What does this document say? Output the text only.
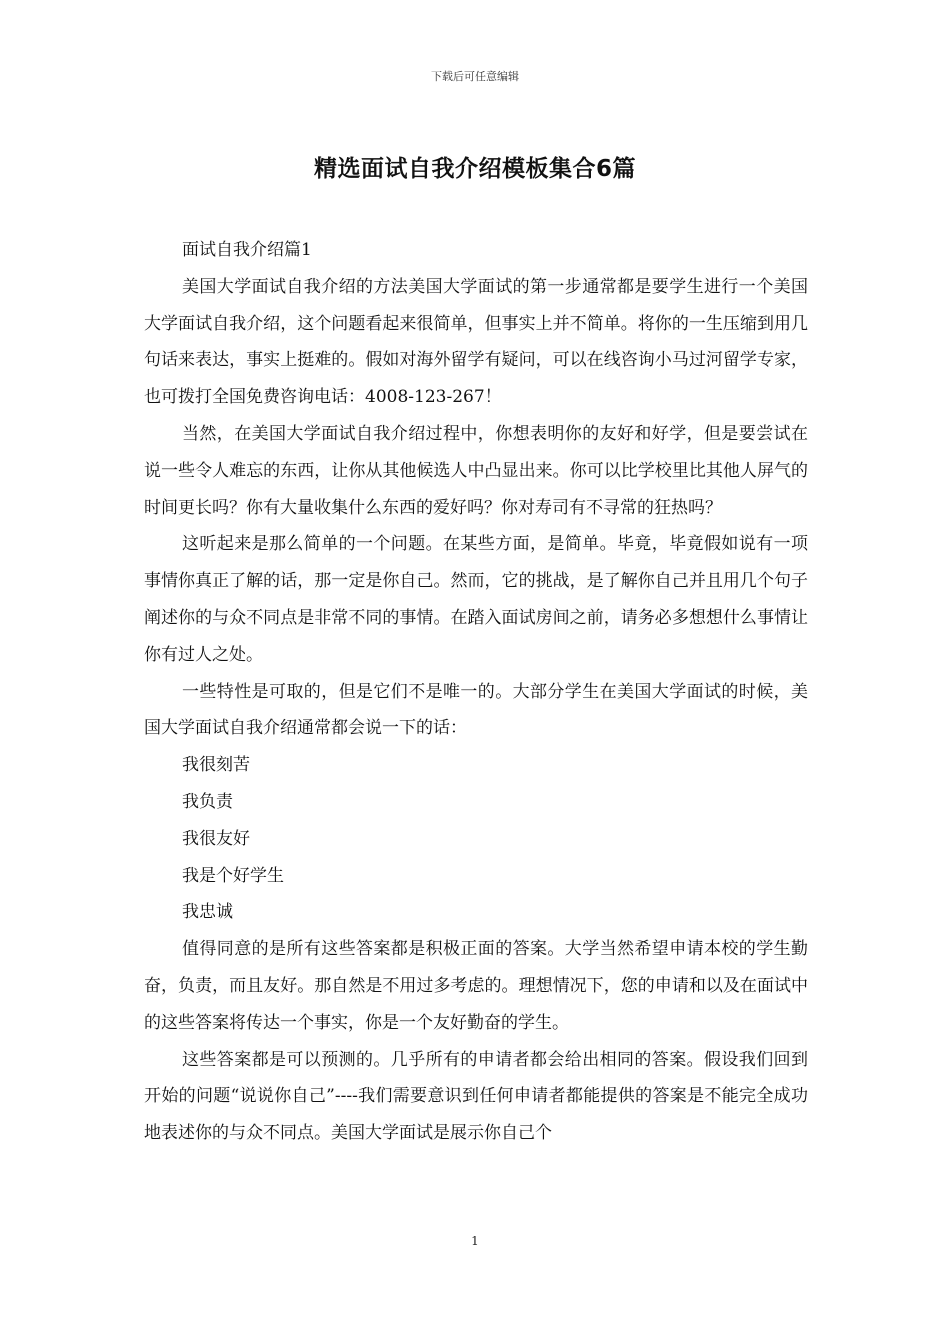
下载后可任意编辑
精选面试自我介绍模板集合6篇

面试自我介绍篇1

美国大学面试自我介绍的方法美国大学面试的第一步通常都是要学生进行一个美国大学面试自我介绍，这个问题看起来很简单，但事实上并不简单。将你的一生压缩到用几句话来表达，事实上挺难的。假如对海外留学有疑问，可以在线咨询小马过河留学专家，也可拨打全国免费咨询电话：4008-123-267！

当然，在美国大学面试自我介绍过程中，你想表明你的友好和好学，但是要尝试在说一些令人难忘的东西，让你从其他候选人中凸显出来。你可以比学校里比其他人屏气的时间更长吗？你有大量收集什么东西的爱好吗？你对寿司有不寻常的狂热吗？

这听起来是那么简单的一个问题。在某些方面，是简单。毕竟，毕竟假如说有一项事情你真正了解的话，那一定是你自己。然而，它的挑战，是了解你自己并且用几个句子阐述你的与众不同点是非常不同的事情。在踏入面试房间之前，请务必多想想什么事情让你有过人之处。

一些特性是可取的，但是它们不是唯一的。大部分学生在美国大学面试的时候，美国大学面试自我介绍通常都会说一下的话：

我很刻苦

我负责

我很友好

我是个好学生

我忠诚

值得同意的是所有这些答案都是积极正面的答案。大学当然希望申请本校的学生勤奋，负责，而且友好。那自然是不用过多考虑的。理想情况下，您的申请和以及在面试中的这些答案将传达一个事实，你是一个友好勤奋的学生。

这些答案都是可以预测的。几乎所有的申请者都会给出相同的答案。假设我们回到开始的问题“说说你自己”----我们需要意识到任何申请者都能提供的答案是不能完全成功地表述你的与众不同点。美国大学面试是展示你自己个

1
